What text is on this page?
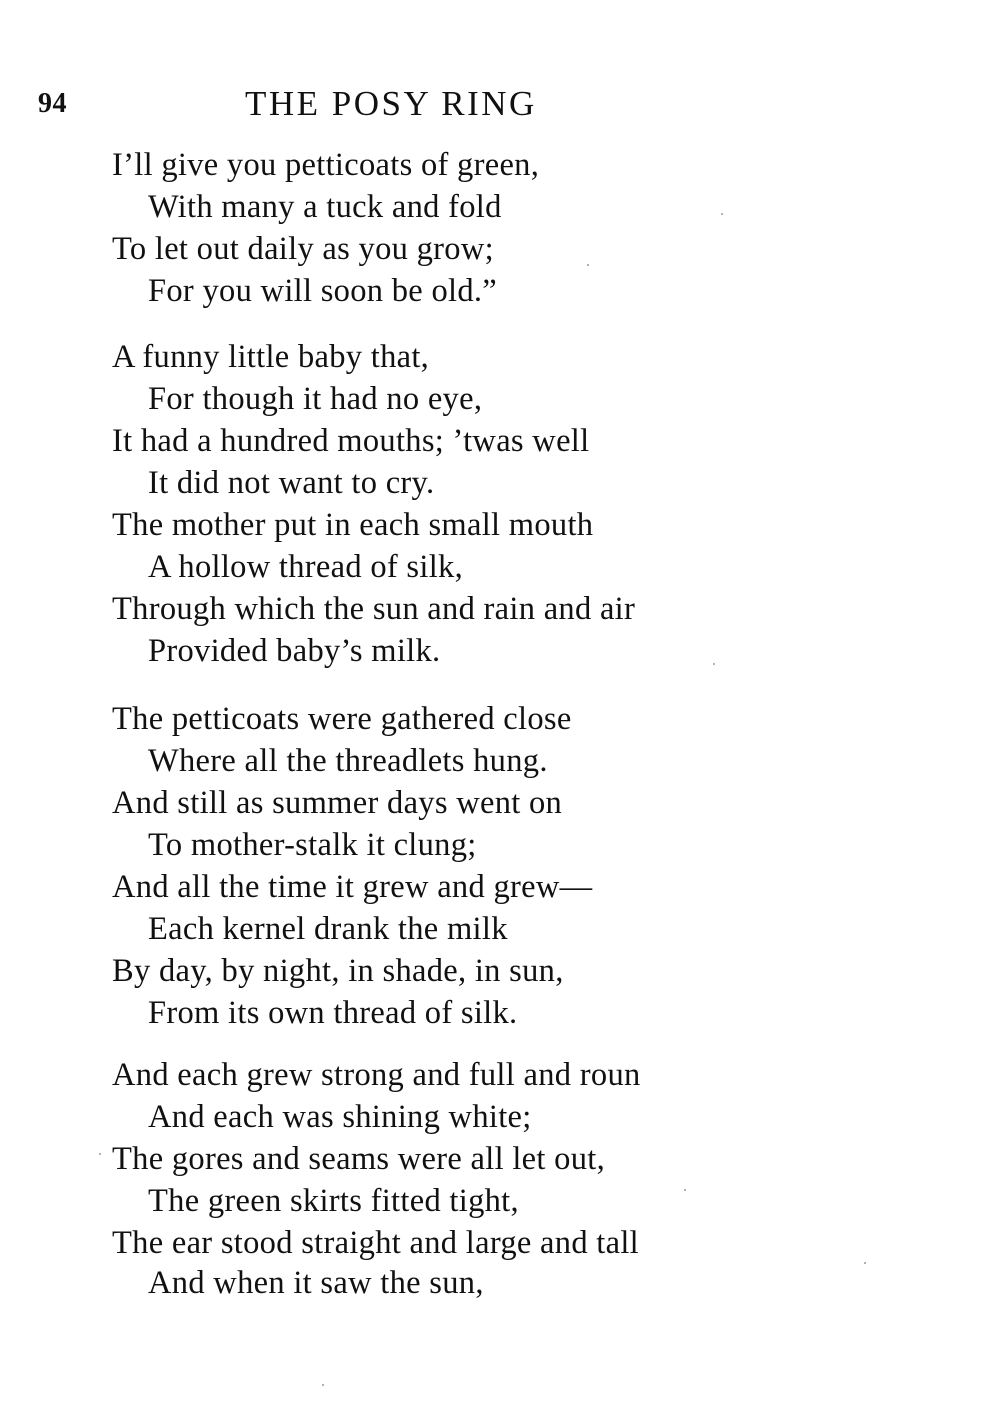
94	THE POSY RING
I’ll give you petticoats of green,
With many a tuck and fold
To let out daily as you grow;
For you will soon be old.”
A funny little baby that,
For though it had no eye,
It had a hundred mouths; ’twas well
It did not want to cry.
The mother put in each small mouth
A hollow thread of silk,
Through which the sun and rain and air
Provided baby’s milk.
The petticoats were gathered close
Where all the threadlets hung.
And still as summer days went on
To mother-stalk it clung;
And all the time it grew and grew—
Each kernel drank the milk
By day, by night, in shade, in sun,
From its own thread of silk.
And each grew strong and full and roun
And each was shining white;
The gores and seams were all let out,
The green skirts fitted tight,
The ear stood straight and large and tall
And when it saw the sun,
